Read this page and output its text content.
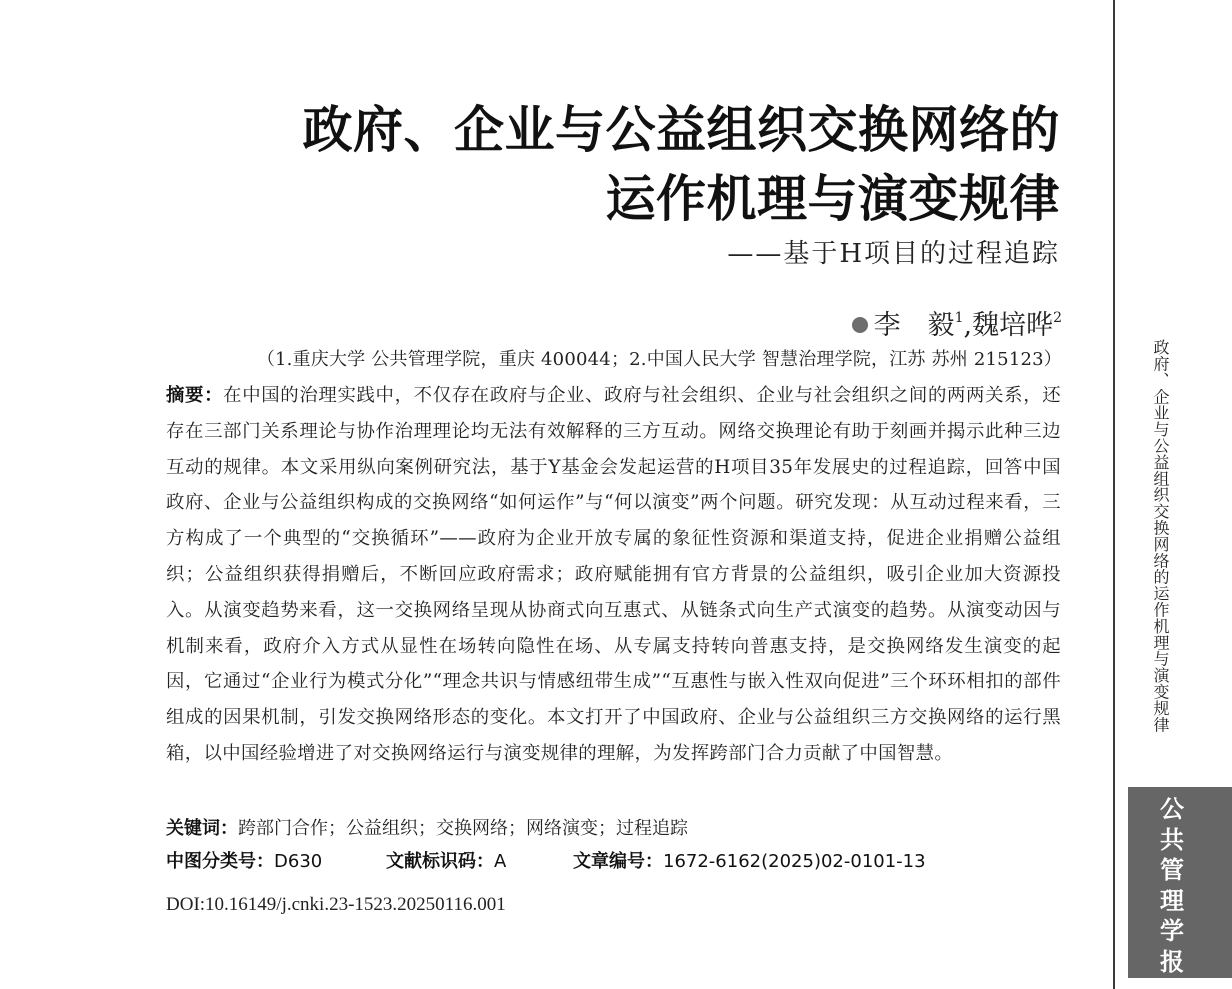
政府、企业与公益组织交换网络的运作机理与演变规律
公
共
管
理
学
报
政府、企业与公益组织交换网络的
运作机理与演变规律
——基于H项目的过程追踪
李　毅$^1$,魏培晔$^2$
（1.重庆大学 公共管理学院，重庆 400044；2.中国人民大学 智慧治理学院，江苏 苏州 215123）

摘要：在中国的治理实践中，不仅存在政府与企业、政府与社会组织、企业与社会组织之间的两两关系，还存在三部门关系理论与协作治理理论均无法有效解释的三方互动。网络交换理论有助于刻画并揭示此种三边互动的规律。本文采用纵向案例研究法，基于Y基金会发起运营的H项目35年发展史的过程追踪，回答中国政府、企业与公益组织构成的交换网络“如何运作”与“何以演变”两个问题。研究发现：从互动过程来看，三方构成了一个典型的“交换循环”——政府为企业开放专属的象征性资源和渠道支持，促进企业捐赠公益组织；公益组织获得捐赠后，不断回应政府需求；政府赋能拥有官方背景的公益组织，吸引企业加大资源投入。从演变趋势来看，这一交换网络呈现从协商式向互惠式、从链条式向生产式演变的趋势。从演变动因与机制来看，政府介入方式从显性在场转向隐性在场、从专属支持转向普惠支持，是交换网络发生演变的起因，它通过“企业行为模式分化”“理念共识与情感纽带生成”“互惠性与嵌入性双向促进”三个环环相扣的部件组成的因果机制，引发交换网络形态的变化。本文打开了中国政府、企业与公益组织三方交换网络的运行黑箱，以中国经验增进了对交换网络运行与演变规律的理解，为发挥跨部门合力贡献了中国智慧。

关键词：跨部门合作；公益组织；交换网络；网络演变；过程追踪
中图分类号：D630	文献标识码：A	文章编号：1672-6162(2025)02-0101-13
DOI:10.16149/j.cnki.23-1523.20250116.001
